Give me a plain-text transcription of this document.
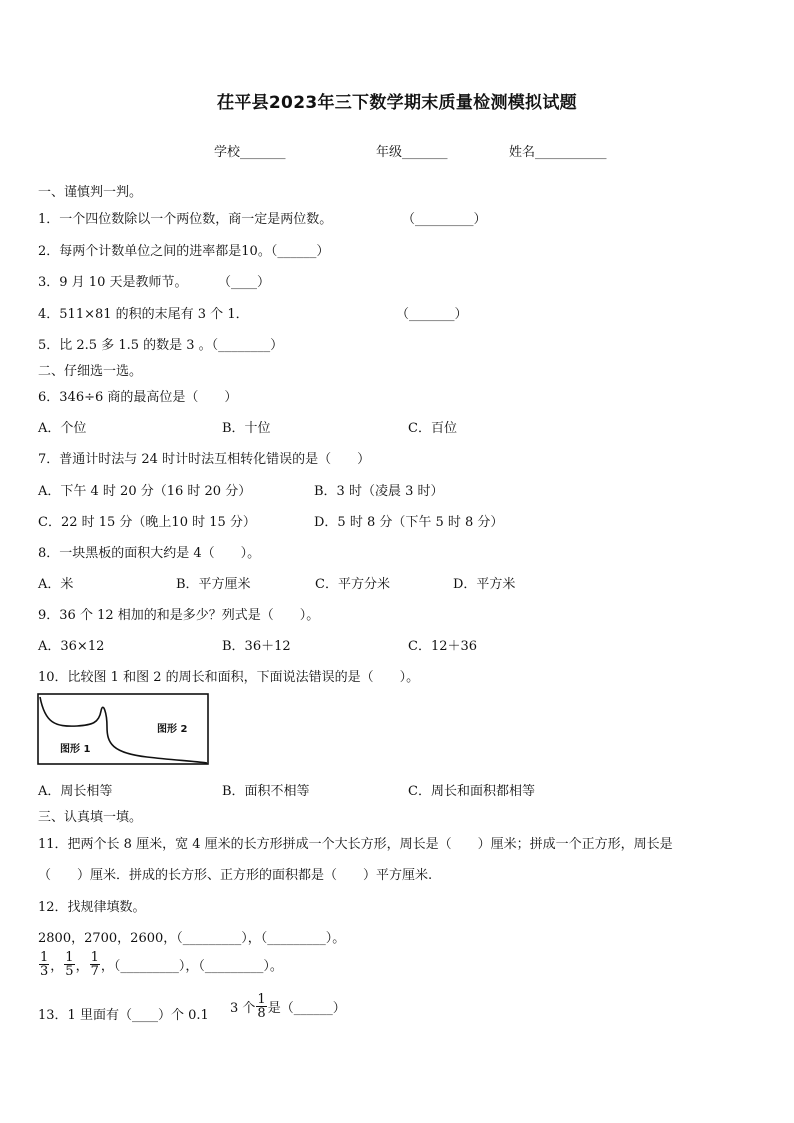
茌平县2023年三下数学期末质量检测模拟试题
学校_______	年级_______	姓名___________
一、谨慎判一判。
1．一个四位数除以一个两位数，商一定是两位数。	（_________）
2．每两个计数单位之间的进率都是10。（______）
3．9 月 10 天是教师节。 （____）
4．511×81 的积的末尾有 3 个 1．	（_______）
5．比 2.5 多 1.5 的数是 3 。（________）
二、仔细选一选。
6．346÷6 商的最高位是（　　）
A．个位	B．十位	C．百位
7．普通计时法与 24 时计时法互相转化错误的是（　　）
A．下午 4 时 20 分（16 时 20 分）	B．3 时（凌晨 3 时）
C．22 时 15 分（晚上10 时 15 分）	D．5 时 8 分（下午 5 时 8 分）
8．一块黑板的面积大约是 4（　　）。
A．米	B．平方厘米	C．平方分米	D．平方米
9．36 个 12 相加的和是多少？列式是（　　）。
A．36×12	B．36＋12	C．12＋36
10．比较图 1 和图 2 的周长和面积，下面说法错误的是（　　）。
图形 1
图形 2
A．周长相等	B．面积不相等	C．周长和面积都相等
三、认真填一填。
11．把两个长 8 厘米，宽 4 厘米的长方形拼成一个大长方形，周长是（　　）厘米；拼成一个正方形，周长是
（　　）厘米．拼成的长方形、正方形的面积都是（　　）平方厘米.
12．找规律填数。
2800，2700，2600，（_________），（_________）。
$\frac{1}{3}$ ， $\frac{1}{5}$ ， $\frac{1}{7}$ ，（_________），（_________）。
13．1 里面有（____）个 0.1 3 个 $\frac{1}{8}$ 是（______）
